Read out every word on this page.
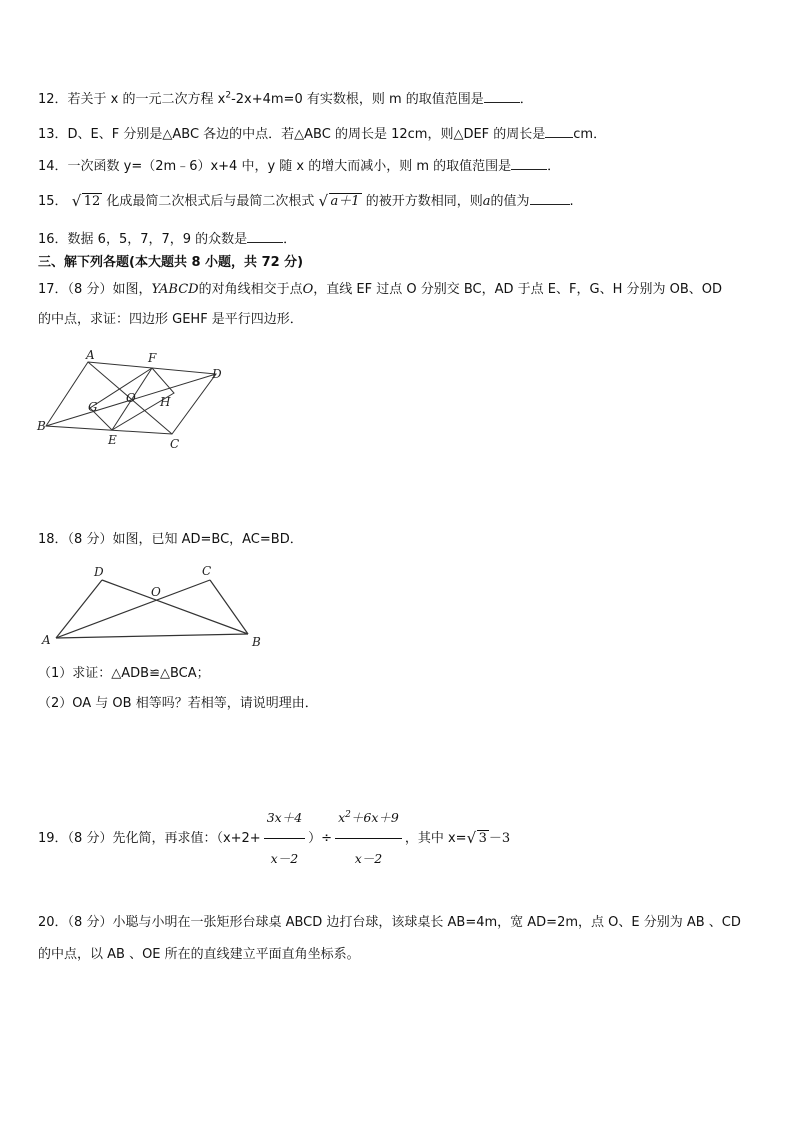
12．若关于 x 的一元二次方程 $x^2-2x+4m=0$ 有实数根，则 m 的取值范围是	．
13．D、E、F 分别是△ABC 各边的中点．若△ABC 的周长是 12cm，则△DEF 的周长是 cm．
14．一次函数 y=（2m﹣6）x+4 中，y 随 x 的增大而减小，则 m 的取值范围是	．
15． √ 12 化成最简二次根式后与最简二次根式 √ a＋1 的被开方数相同，则a的值为	.
16．数据 6，5，7，7，9 的众数是	．
三、解下列各题(本大题共 8 小题，共 72 分)
17．（8 分）如图，YABCD的对角线相交于点O，直线 EF 过点 O 分别交 BC，AD 于点 E、F，G、H 分别为 OB、OD
的中点，求证：四边形 GEHF 是平行四边形．
A	F
D
G
O H
B
E	C
18．（8 分）如图，已知 AD=BC，AC=BD．
D	C
O
A	B
（1）求证：△ADB≌△BCA；
（2）OA 与 OB 相等吗？若相等，请说明理由．
19．（8 分）先化简，再求值：（$x+2+ \frac{3x+4}{x-2}$ ）÷ $\frac{x^2+6x+9}{x-2}$ ，其中 x= √ 3 －3
20．（8 分）小聪与小明在一张矩形台球桌 ABCD 边打台球，该球桌长 AB=4m，宽 AD=2m，点 O、E 分别为 AB 、CD
的中点，以 AB 、OE 所在的直线建立平面直角坐标系。
